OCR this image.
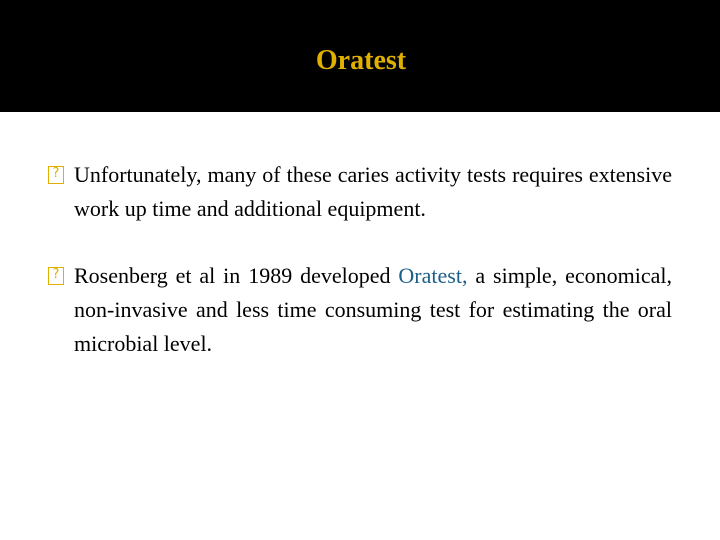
Oratest
?
Unfortunately, many of these caries activity tests requires extensive work up time and additional equipment.
?
Rosenberg et al in 1989 developed Oratest, a simple, economical, non-invasive and less time consuming test for estimating the oral microbial level.
